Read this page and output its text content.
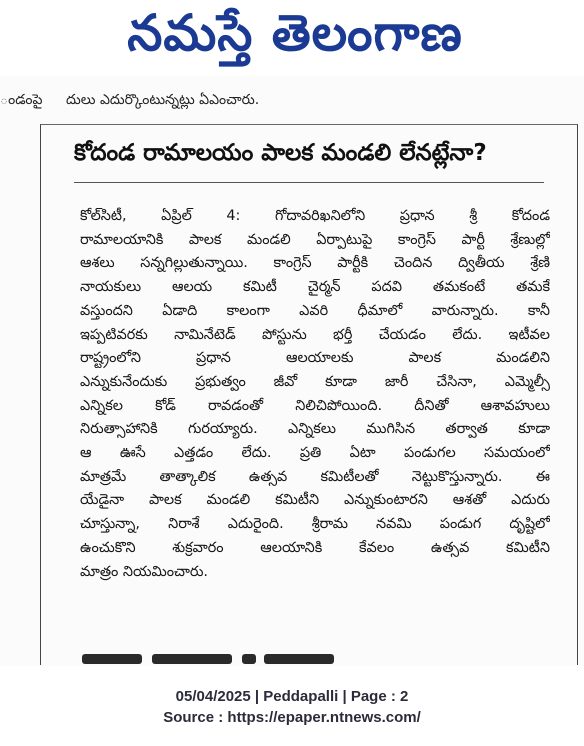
నమస్తే తెలంగాణ
ండంపై దులు ఎదుర్కొంటున్నట్లు ఏఎంచారు.
కోదండ రామాలయం పాలక మండలి లేనట్లేనా?
కోల్‌సిటీ, ఏప్రిల్ 4: గోదావరిఖనిలోని ప్రధాన శ్రీ కోదండ
రామాలయానికి పాలక మండలి ఏర్పాటుపై కాంగ్రెస్ పార్టీ శ్రేణుల్లో
ఆశలు సన్నగిల్లుతున్నాయి. కాంగ్రెస్ పార్టీకి చెందిన ద్వితీయ శ్రేణి
నాయకులు ఆలయ కమిటీ చైర్మన్ పదవి తమకంటే తమకే
వస్తుందని ఏడాది కాలంగా ఎవరి ధీమాలో వారున్నారు. కానీ
ఇప్పటివరకు నామినేటెడ్ పోస్టును భర్తీ చేయడం లేదు. ఇటీవల
రాష్ట్రంలోని ప్రధాన ఆలయాలకు పాలక మండలిని
ఎన్నుకునేందుకు ప్రభుత్వం జీవో కూడా జారీ చేసినా, ఎమ్మెల్సీ
ఎన్నికల కోడ్ రావడంతో నిలిచిపోయింది. దీనితో ఆశావహులు
నిరుత్సాహానికి గురయ్యారు. ఎన్నికలు ముగిసిన తర్వాత కూడా
ఆ ఊసే ఎత్తడం లేదు. ప్రతి ఏటా పండుగల సమయంలో
మాత్రమే తాత్కాలిక ఉత్సవ కమిటీలతో నెట్టుకొస్తున్నారు. ఈ
యేడైనా పాలక మండలి కమిటీని ఎన్నుకుంటారని ఆశతో ఎదురు
చూస్తున్నా, నిరాశే ఎదురైంది. శ్రీరామ నవమి పండుగ దృష్టిలో
ఉంచుకొని శుక్రవారం ఆలయానికి కేవలం ఉత్సవ కమిటీని
మాత్రం నియమించారు.
05/04/2025 | Peddapalli | Page : 2
Source : https://epaper.ntnews.com/
